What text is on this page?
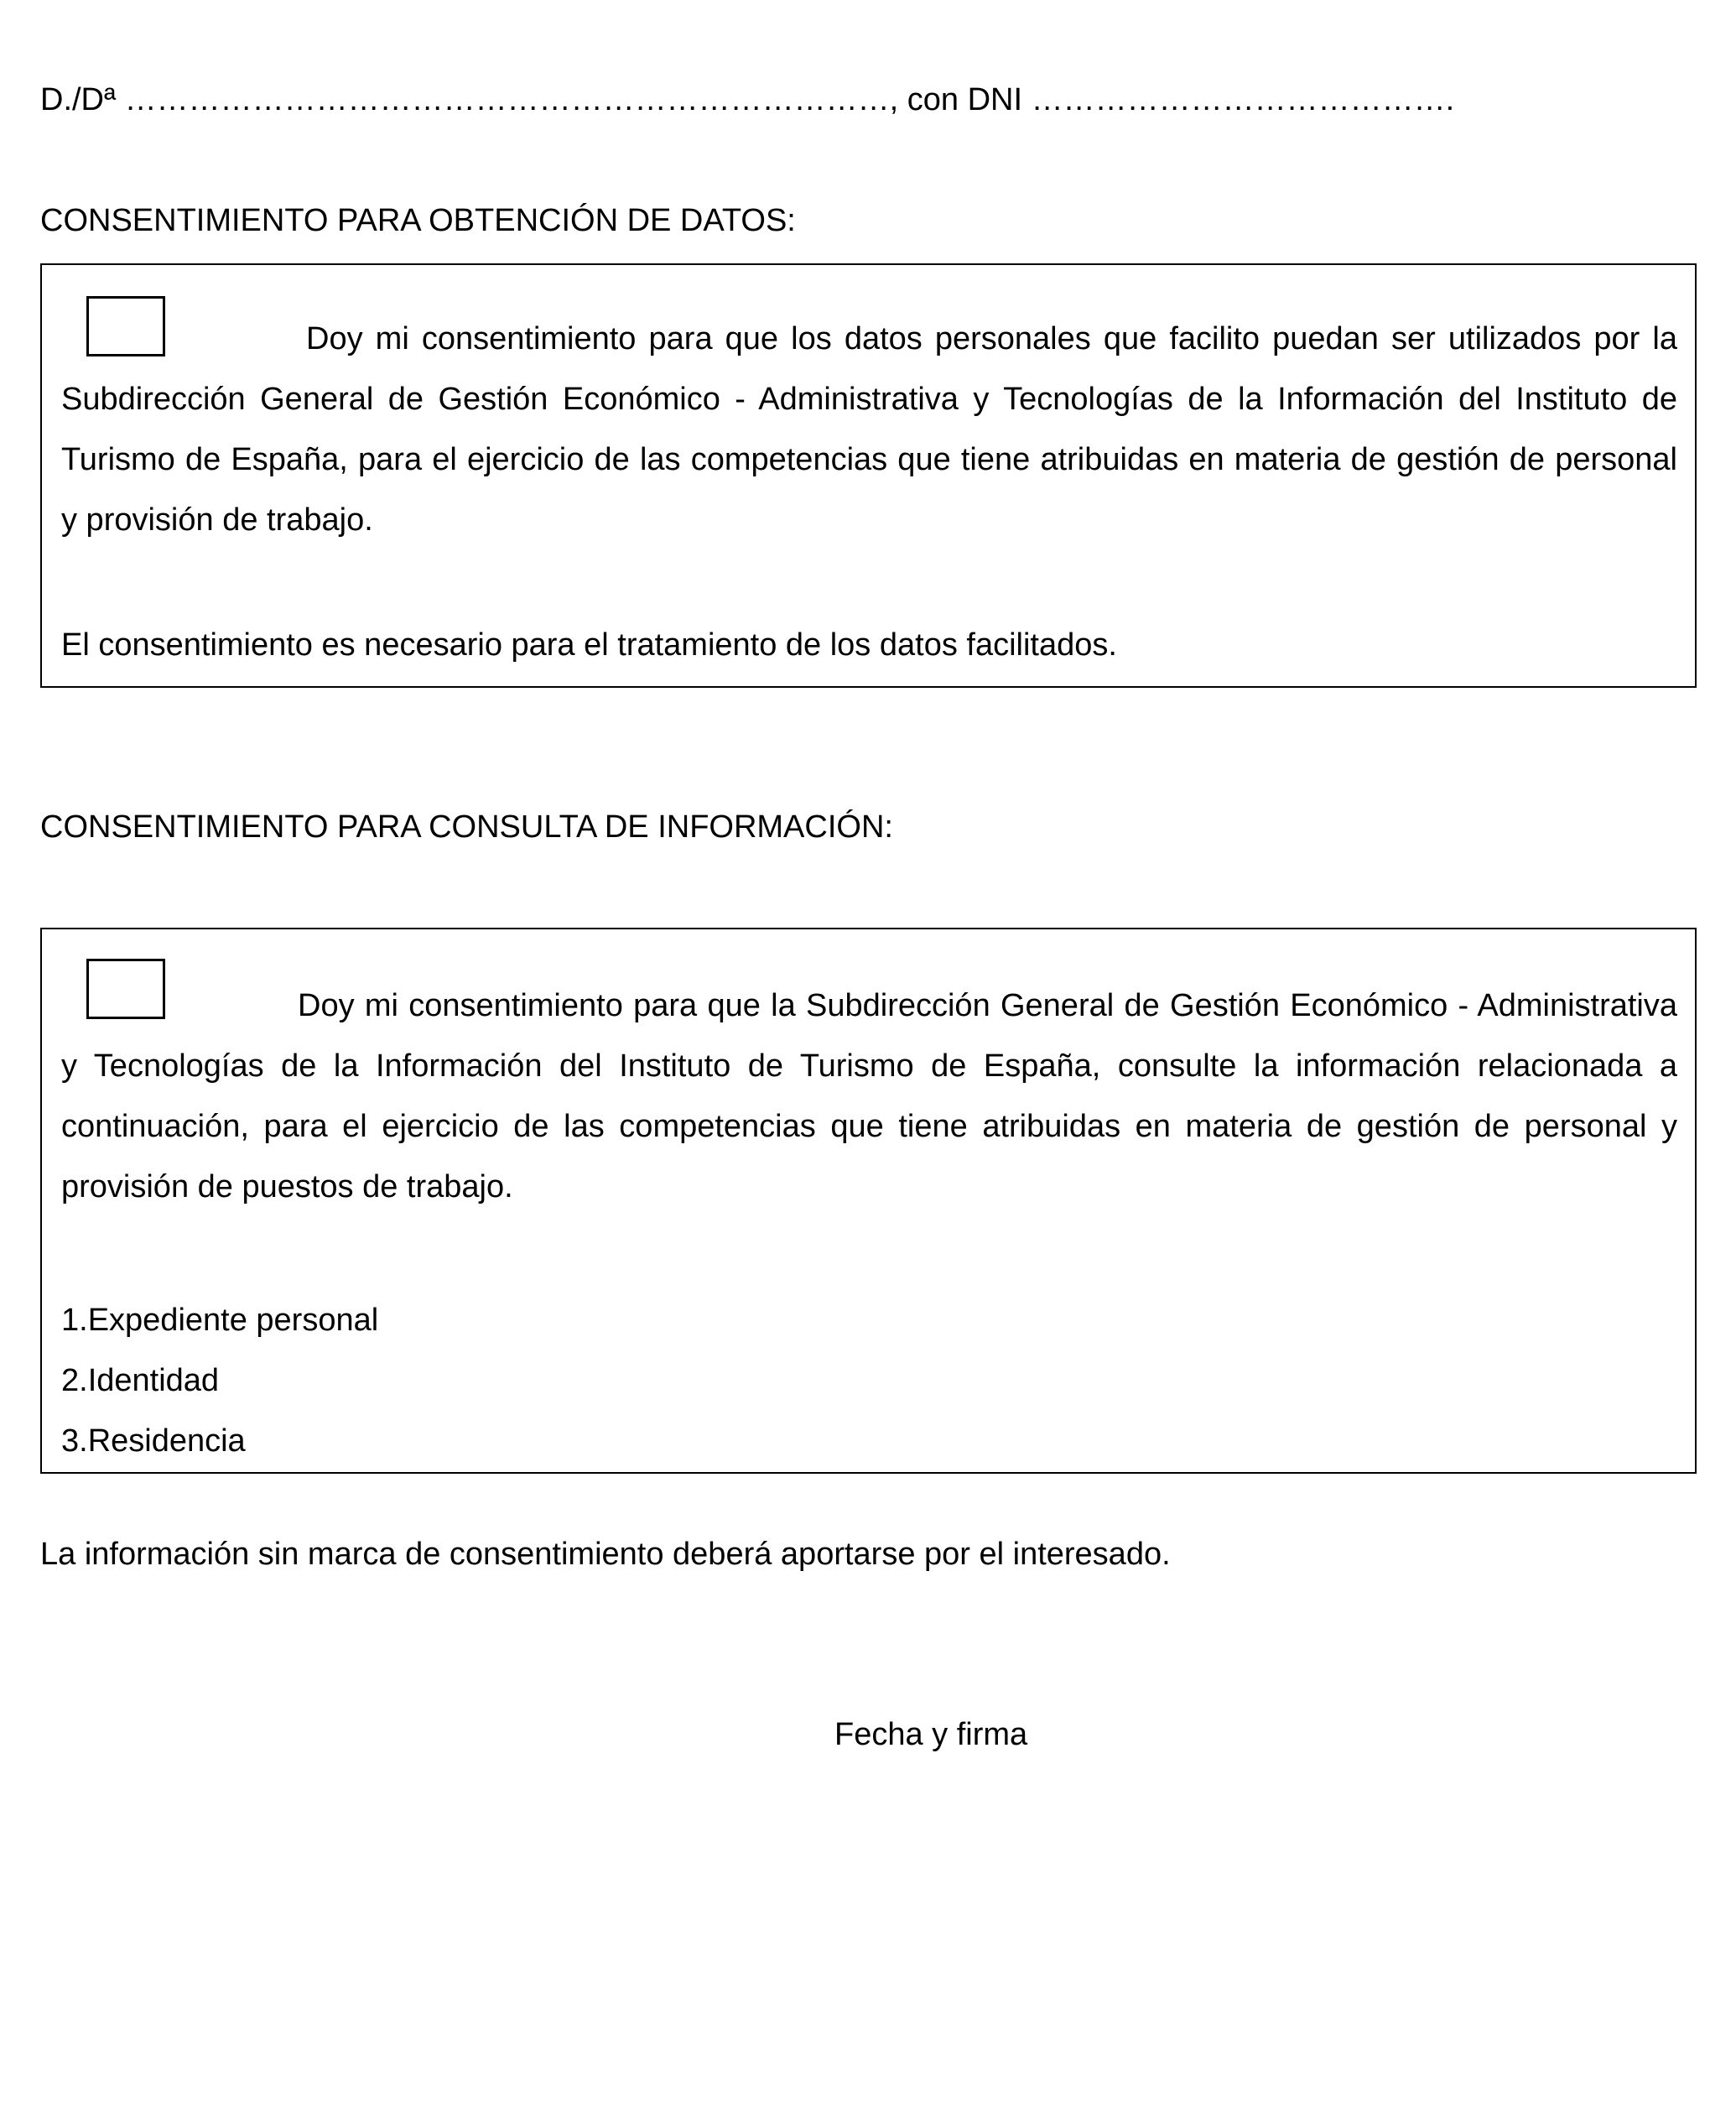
D./Dª ………………………………………………………………, con DNI ………………………………….
CONSENTIMIENTO PARA OBTENCIÓN DE DATOS:
Doy mi consentimiento para que los datos personales que facilito puedan ser utilizados por la Subdirección General de Gestión Económico - Administrativa y Tecnologías de la Información del Instituto de Turismo de España, para el ejercicio de las competencias que tiene atribuidas en materia de gestión de personal y provisión de trabajo.
El consentimiento es necesario para el tratamiento de los datos facilitados.
CONSENTIMIENTO PARA CONSULTA DE INFORMACIÓN:
Doy mi consentimiento para que la Subdirección General de Gestión Económico - Administrativa y Tecnologías de la Información del Instituto de Turismo de España, consulte la información relacionada a continuación, para el ejercicio de las competencias que tiene atribuidas en materia de gestión de personal y provisión de puestos de trabajo.
1.Expediente personal
2.Identidad
3.Residencia
La información sin marca de consentimiento deberá aportarse por el interesado.
Fecha y firma
